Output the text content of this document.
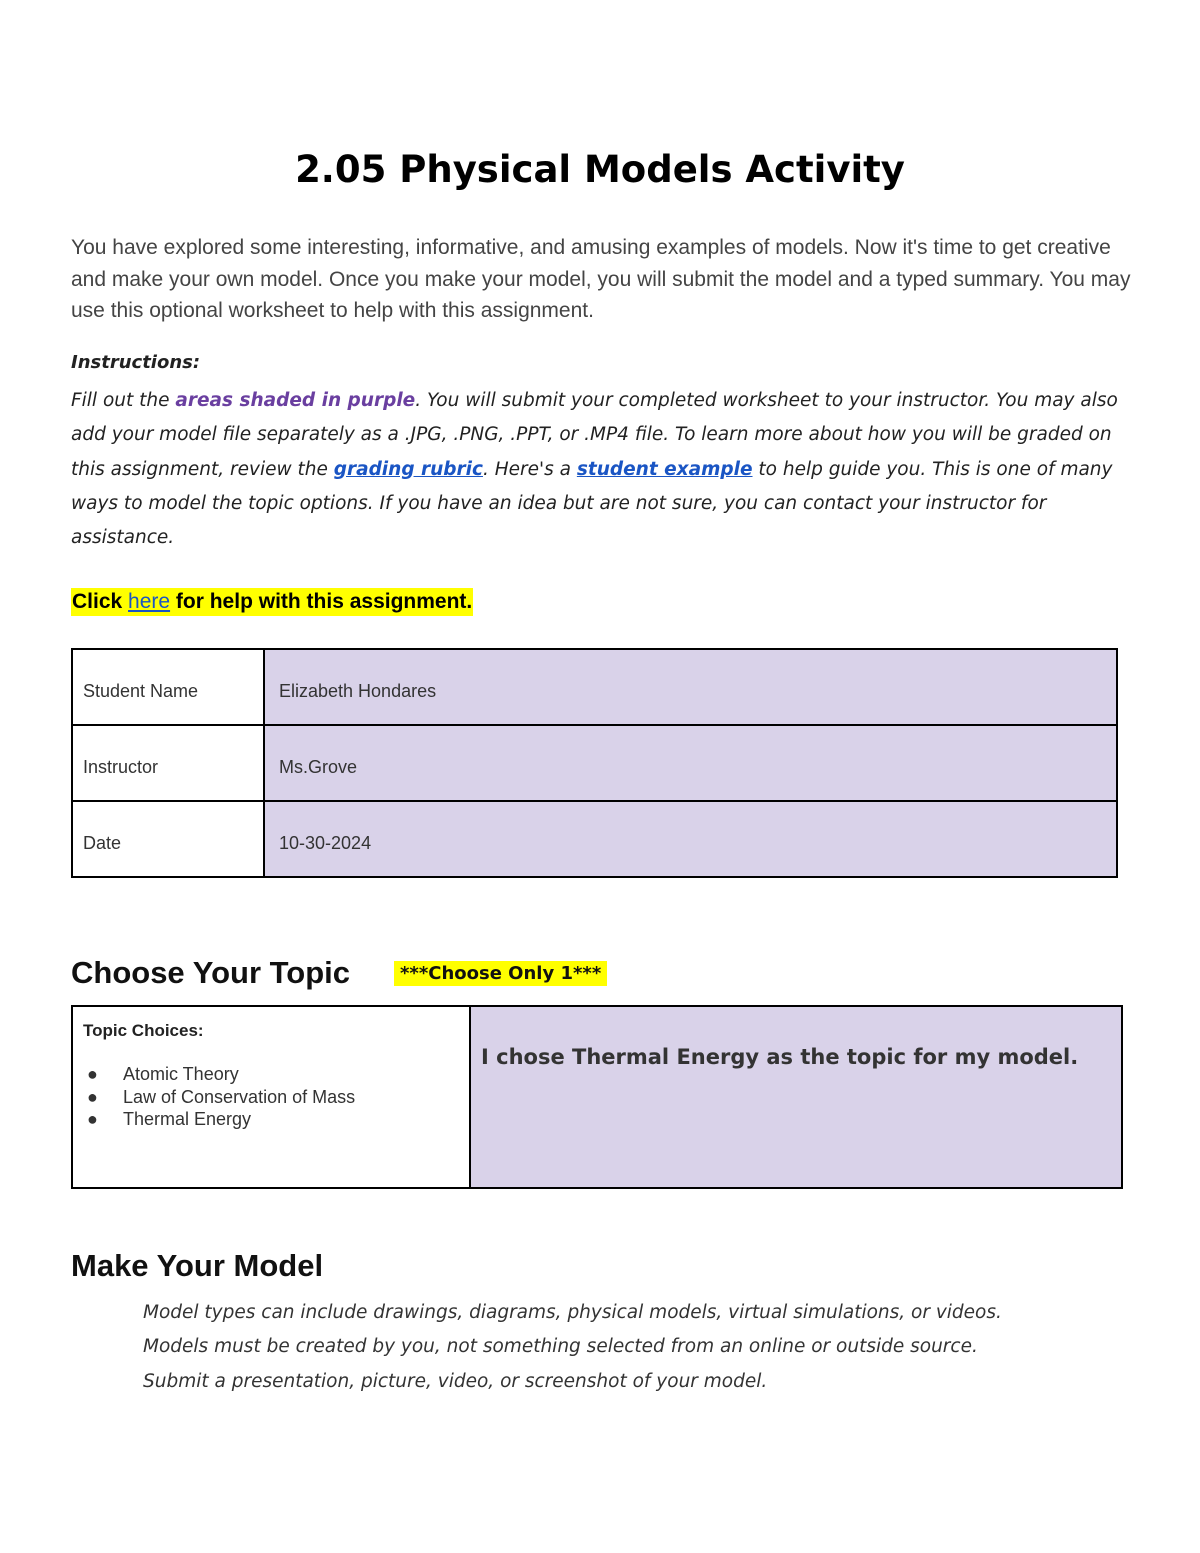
2.05 Physical Models Activity
You have explored some interesting, informative, and amusing examples of models. Now it's time to get creative and make your own model. Once you make your model, you will submit the model and a typed summary. You may use this optional worksheet to help with this assignment.
Instructions:
Fill out the areas shaded in purple. You will submit your completed worksheet to your instructor. You may also add your model file separately as a .JPG, .PNG, .PPT, or .MP4 file. To learn more about how you will be graded on this assignment, review the grading rubric. Here's a student example to help guide you. This is one of many ways to model the topic options. If you have an idea but are not sure, you can contact your instructor for assistance.
Click here for help with this assignment.
Student Name	Elizabeth Hondares
Instructor	Ms.Grove
Date	10-30-2024
Choose Your Topic	***Choose Only 1***
Topic Choices:
● Atomic Theory
● Law of Conservation of Mass
● Thermal Energy

I chose Thermal Energy as the topic for my model.
Make Your Model

Model types can include drawings, diagrams, physical models, virtual simulations, or videos.

Models must be created by you, not something selected from an online or outside source.

Submit a presentation, picture, video, or screenshot of your model.
